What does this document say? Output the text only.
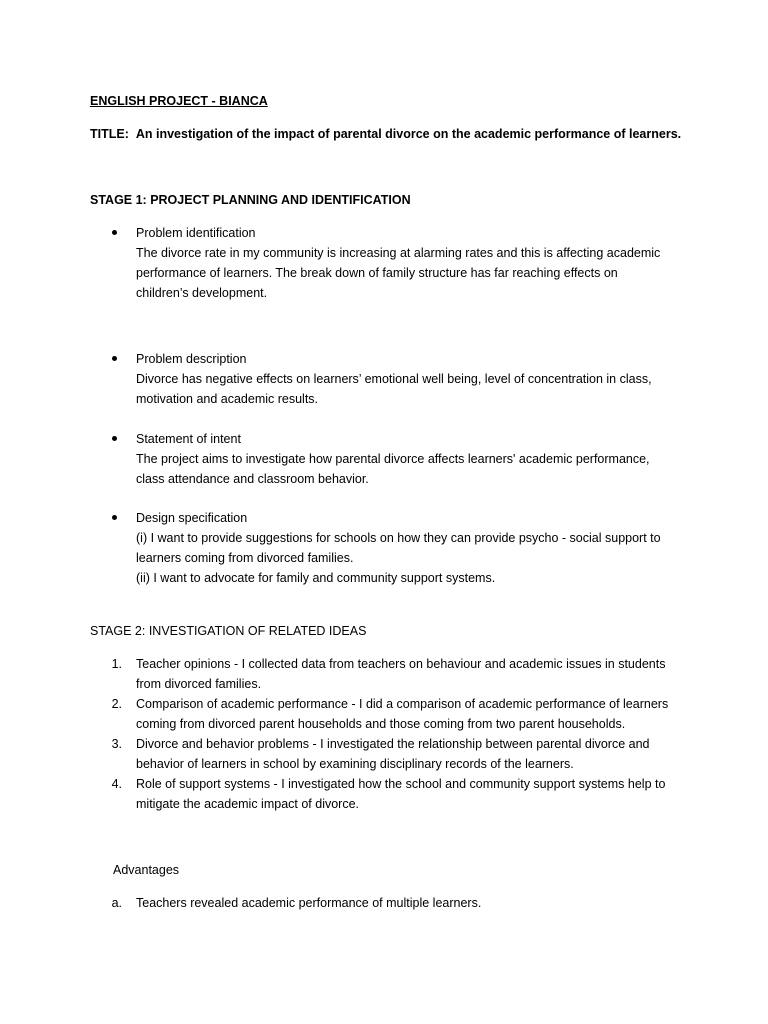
ENGLISH PROJECT - BIANCA
TITLE: An investigation of the impact of parental divorce on the academic performance of learners.
STAGE 1: PROJECT PLANNING AND IDENTIFICATION
Problem identification
The divorce rate in my community is increasing at alarming rates and this is affecting academic
performance of learners. The break down of family structure has far reaching effects on
children’s development.
Problem description
Divorce has negative effects on learners’ emotional well being, level of concentration in class,
motivation and academic results.
Statement of intent
The project aims to investigate how parental divorce affects learners' academic performance,
class attendance and classroom behavior.
Design specification
(i) I want to provide suggestions for schools on how they can provide psycho - social support to
learners coming from divorced families.
(ii) I want to advocate for family and community support systems.
STAGE 2: INVESTIGATION OF RELATED IDEAS
1. Teacher opinions - I collected data from teachers on behaviour and academic issues in students
from divorced families.
2. Comparison of academic performance - I did a comparison of academic performance of learners
coming from divorced parent households and those coming from two parent households.
3. Divorce and behavior problems - I investigated the relationship between parental divorce and
behavior of learners in school by examining disciplinary records of the learners.
4. Role of support systems - I investigated how the school and community support systems help to
mitigate the academic impact of divorce.
Advantages
a. Teachers revealed academic performance of multiple learners.
